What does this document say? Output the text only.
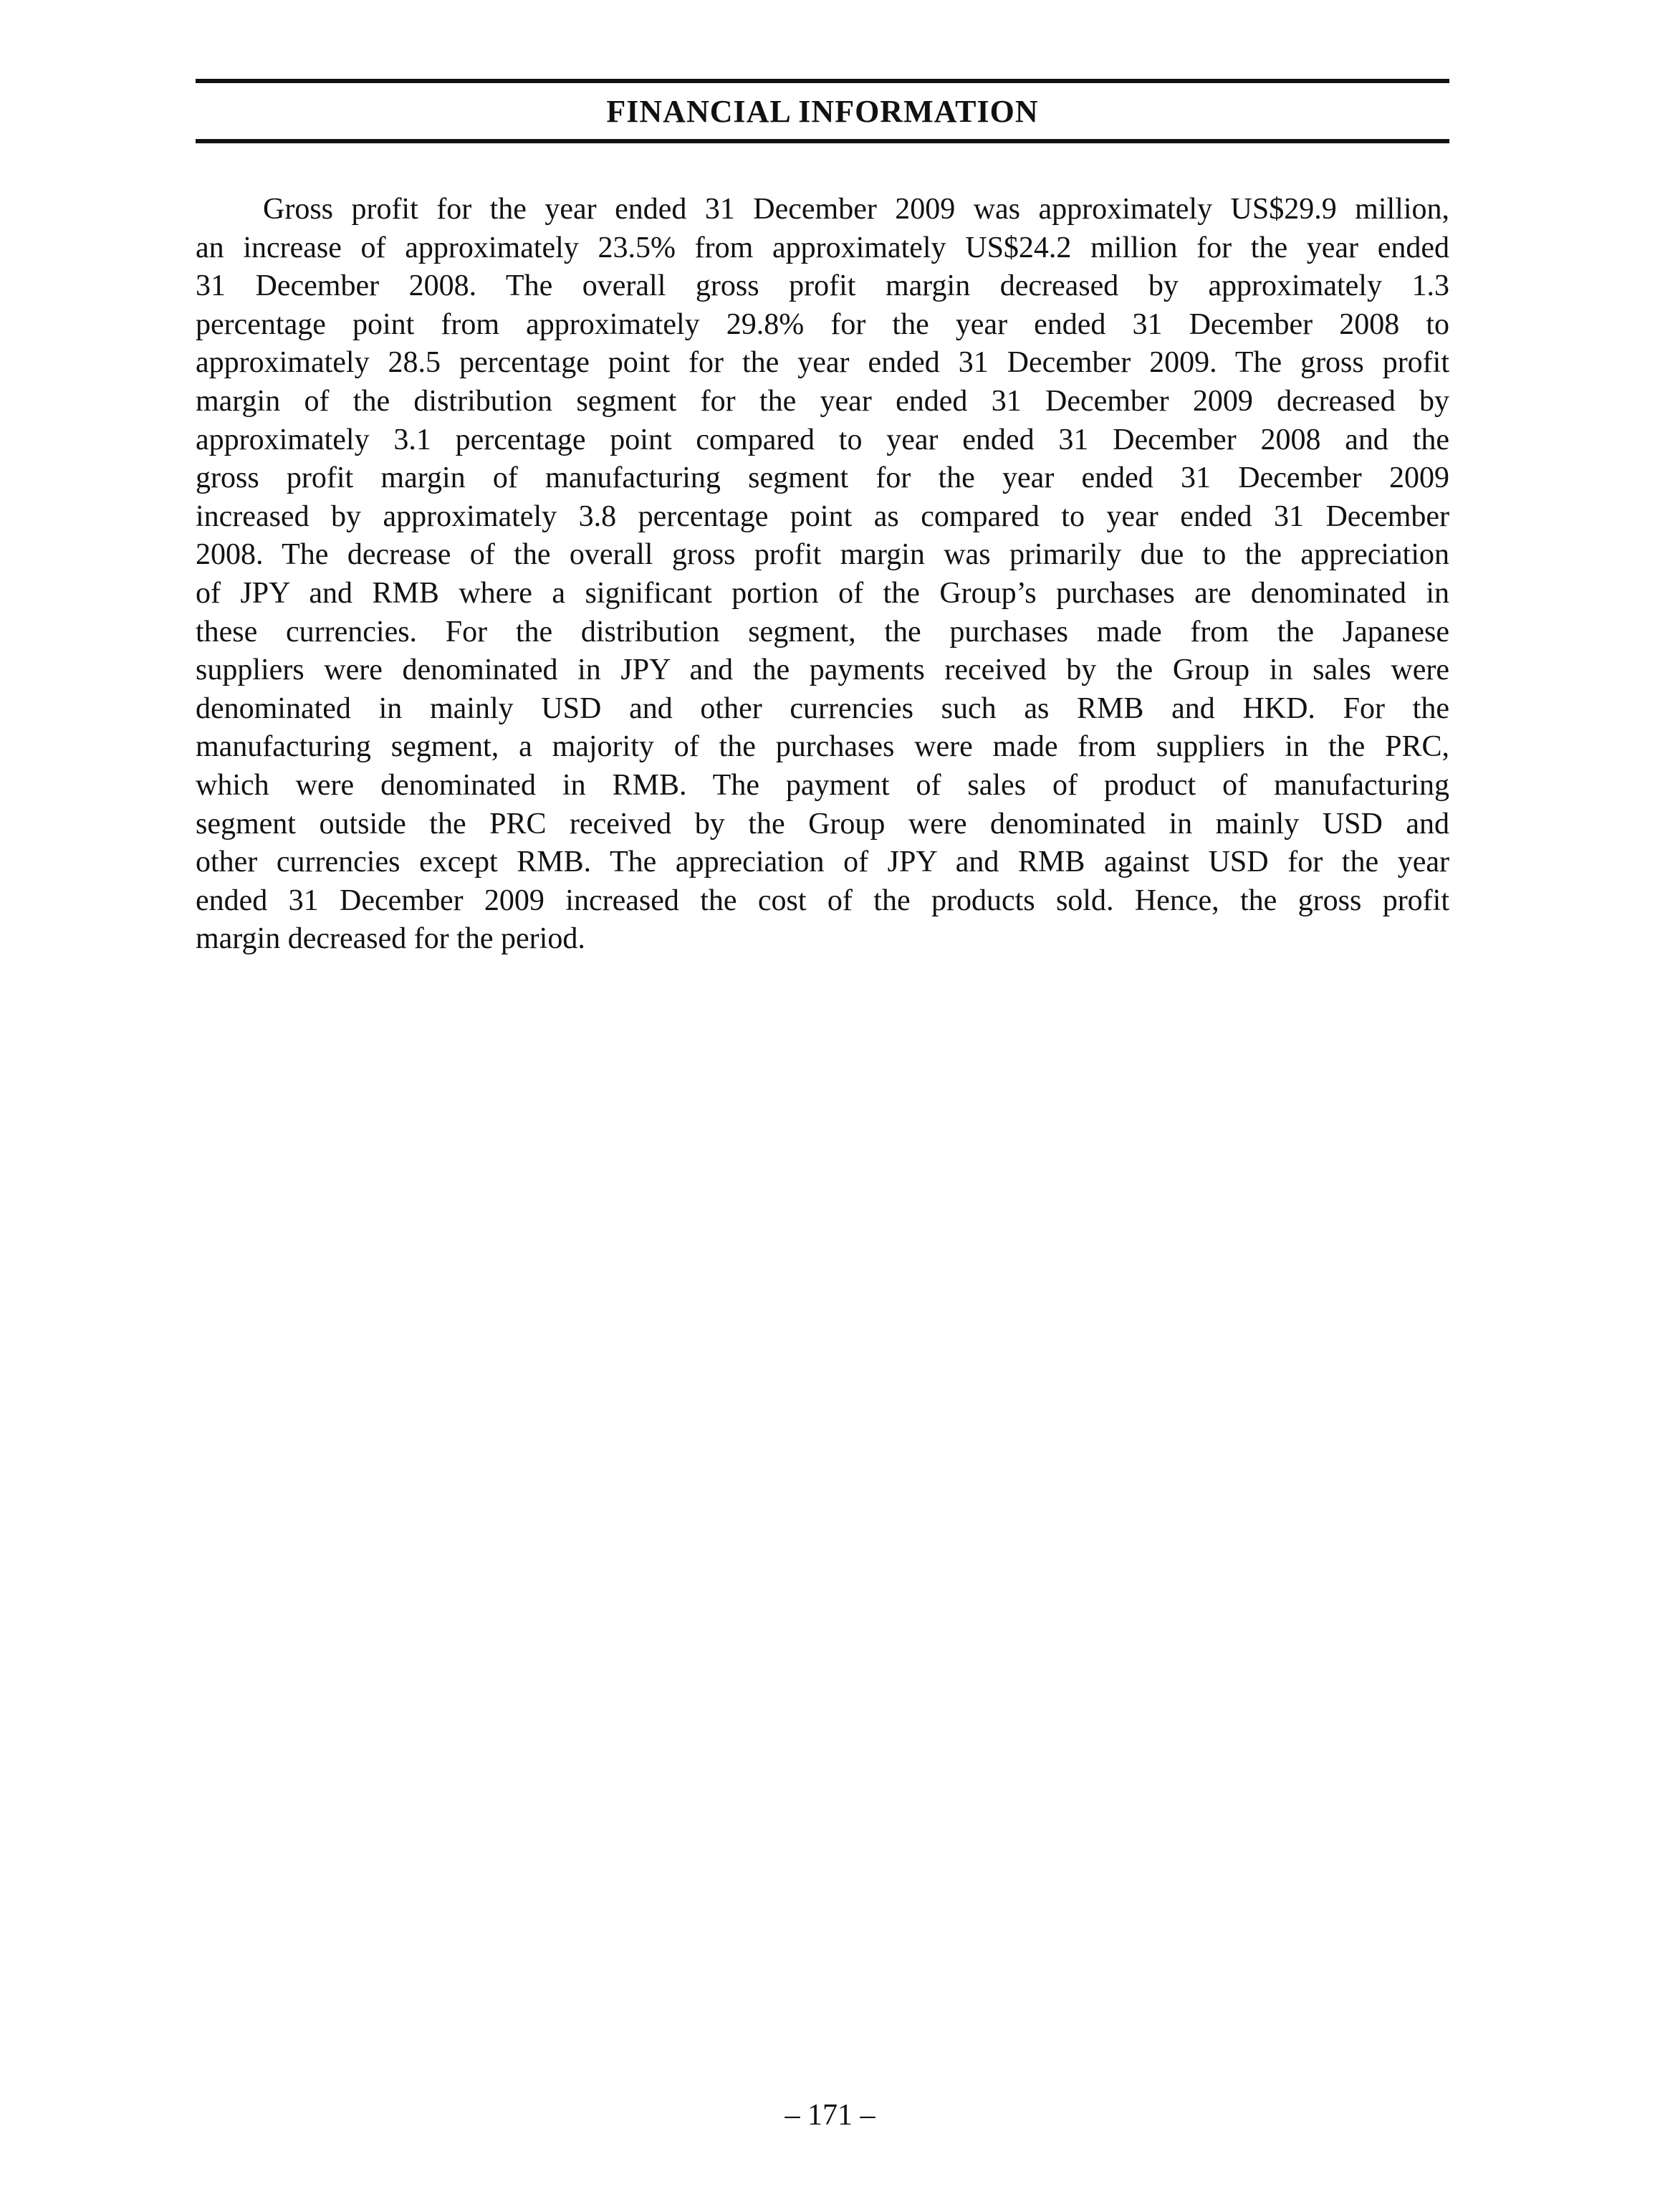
FINANCIAL INFORMATION
Gross profit for the year ended 31 December 2009 was approximately US$29.9 million,
an increase of approximately 23.5% from approximately US$24.2 million for the year ended
31 December 2008. The overall gross profit margin decreased by approximately 1.3
percentage point from approximately 29.8% for the year ended 31 December 2008 to
approximately 28.5 percentage point for the year ended 31 December 2009. The gross profit
margin of the distribution segment for the year ended 31 December 2009 decreased by
approximately 3.1 percentage point compared to year ended 31 December 2008 and the
gross profit margin of manufacturing segment for the year ended 31 December 2009
increased by approximately 3.8 percentage point as compared to year ended 31 December
2008. The decrease of the overall gross profit margin was primarily due to the appreciation
of JPY and RMB where a significant portion of the Group’s purchases are denominated in
these currencies. For the distribution segment, the purchases made from the Japanese
suppliers were denominated in JPY and the payments received by the Group in sales were
denominated in mainly USD and other currencies such as RMB and HKD. For the
manufacturing segment, a majority of the purchases were made from suppliers in the PRC,
which were denominated in RMB. The payment of sales of product of manufacturing
segment outside the PRC received by the Group were denominated in mainly USD and
other currencies except RMB. The appreciation of JPY and RMB against USD for the year
ended 31 December 2009 increased the cost of the products sold. Hence, the gross profit
margin decreased for the period.
– 171 –
